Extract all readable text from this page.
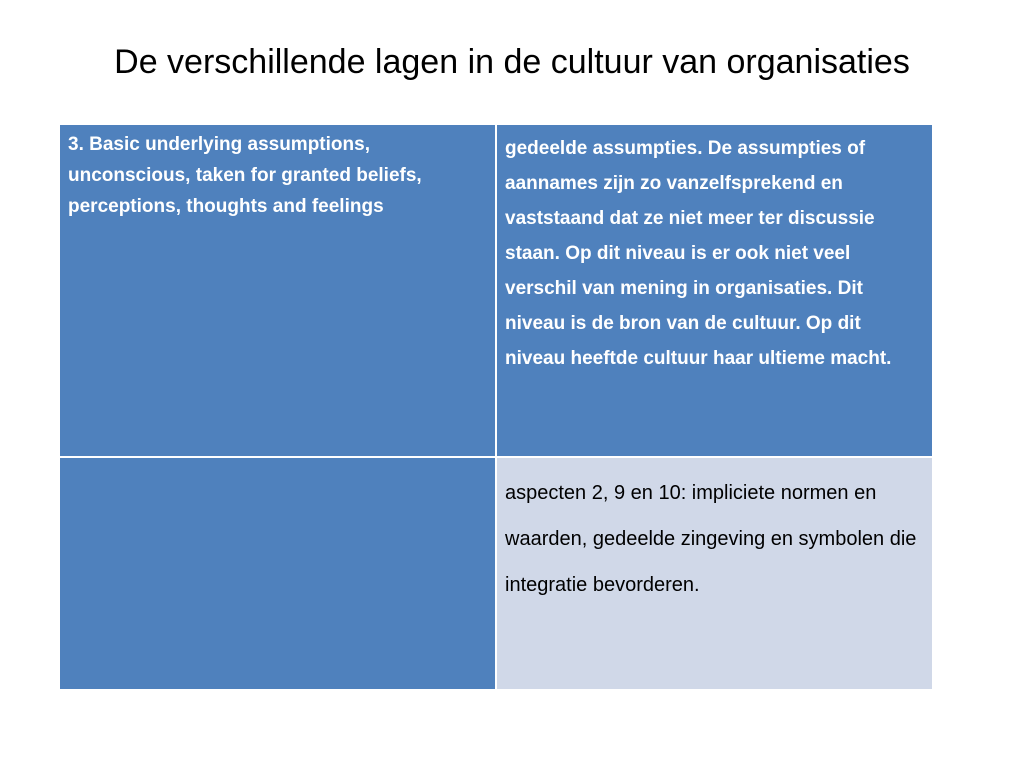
De verschillende lagen in de cultuur van organisaties
3. Basic underlying assumptions, unconscious, taken for granted beliefs, perceptions, thoughts and feelings
gedeelde assumpties. De assumpties of aannames zijn zo vanzelfsprekend en vaststaand dat ze niet meer ter discussie staan. Op dit niveau is er ook niet veel verschil van mening in organisaties. Dit niveau is de bron van de cultuur. Op dit niveau heeftde cultuur haar ultieme macht.
aspecten 2, 9 en 10: impliciete normen en waarden, gedeelde zingeving en symbolen die integratie bevorderen.
